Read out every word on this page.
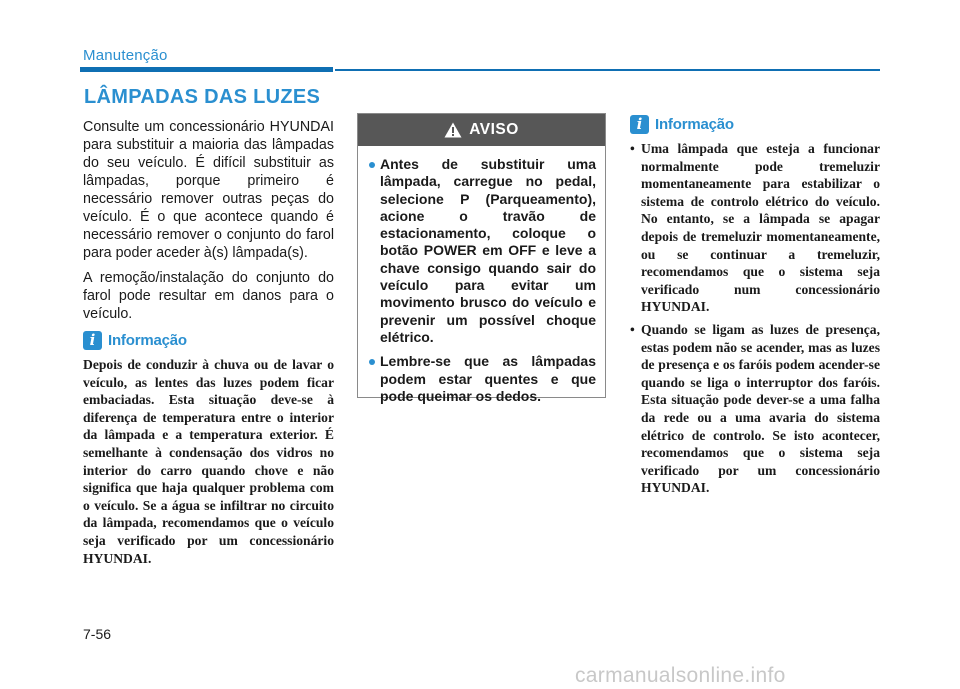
Manutenção
LÂMPADAS DAS LUZES

Consulte um concessionário HYUNDAI para substituir a maioria das lâmpadas do seu veículo. É difícil substituir as lâmpadas, porque primeiro é necessário remover outras peças do veículo. É o que acontece quando é necessário remover o conjunto do farol para poder aceder à(s) lâmpada(s).

A remoção/instalação do conjunto do farol pode resultar em danos para o veículo.

i Informação

Depois de conduzir à chuva ou de lavar o veículo, as lentes das luzes podem ficar embaciadas. Esta situação deve-se à diferença de temperatura entre o interior da lâmpada e a temperatura exterior. É semelhante à condensação dos vidros no interior do carro quando chove e não significa que haja qualquer problema com o veículo. Se a água se infiltrar no circuito da lâmpada, recomendamos que o veículo seja verificado por um concessionário HYUNDAI.

AVISO
Antes de substituir uma lâmpada, carregue no pedal, selecione P (Parqueamento), acione o travão de estacionamento, coloque o botão POWER em OFF e leve a chave consigo quando sair do veículo para evitar um movimento brusco do veículo e prevenir um possível choque elétrico.
Lembre-se que as lâmpadas podem estar quentes e que pode queimar os dedos.
i Informação
• Uma lâmpada que esteja a funcionar normalmente pode tremeluzir momentaneamente para estabilizar o sistema de controlo elétrico do veículo. No entanto, se a lâmpada se apagar depois de tremeluzir momentaneamente, ou se continuar a tremeluzir, recomendamos que o sistema seja verificado num concessionário HYUNDAI.
• Quando se ligam as luzes de presença, estas podem não se acender, mas as luzes de presença e os faróis podem acender-se quando se liga o interruptor dos faróis. Esta situação pode dever-se a uma falha da rede ou a uma avaria do sistema elétrico de controlo. Se isto acontecer, recomendamos que o sistema seja verificado por um concessionário HYUNDAI.
7-56
carmanualsonline.info
